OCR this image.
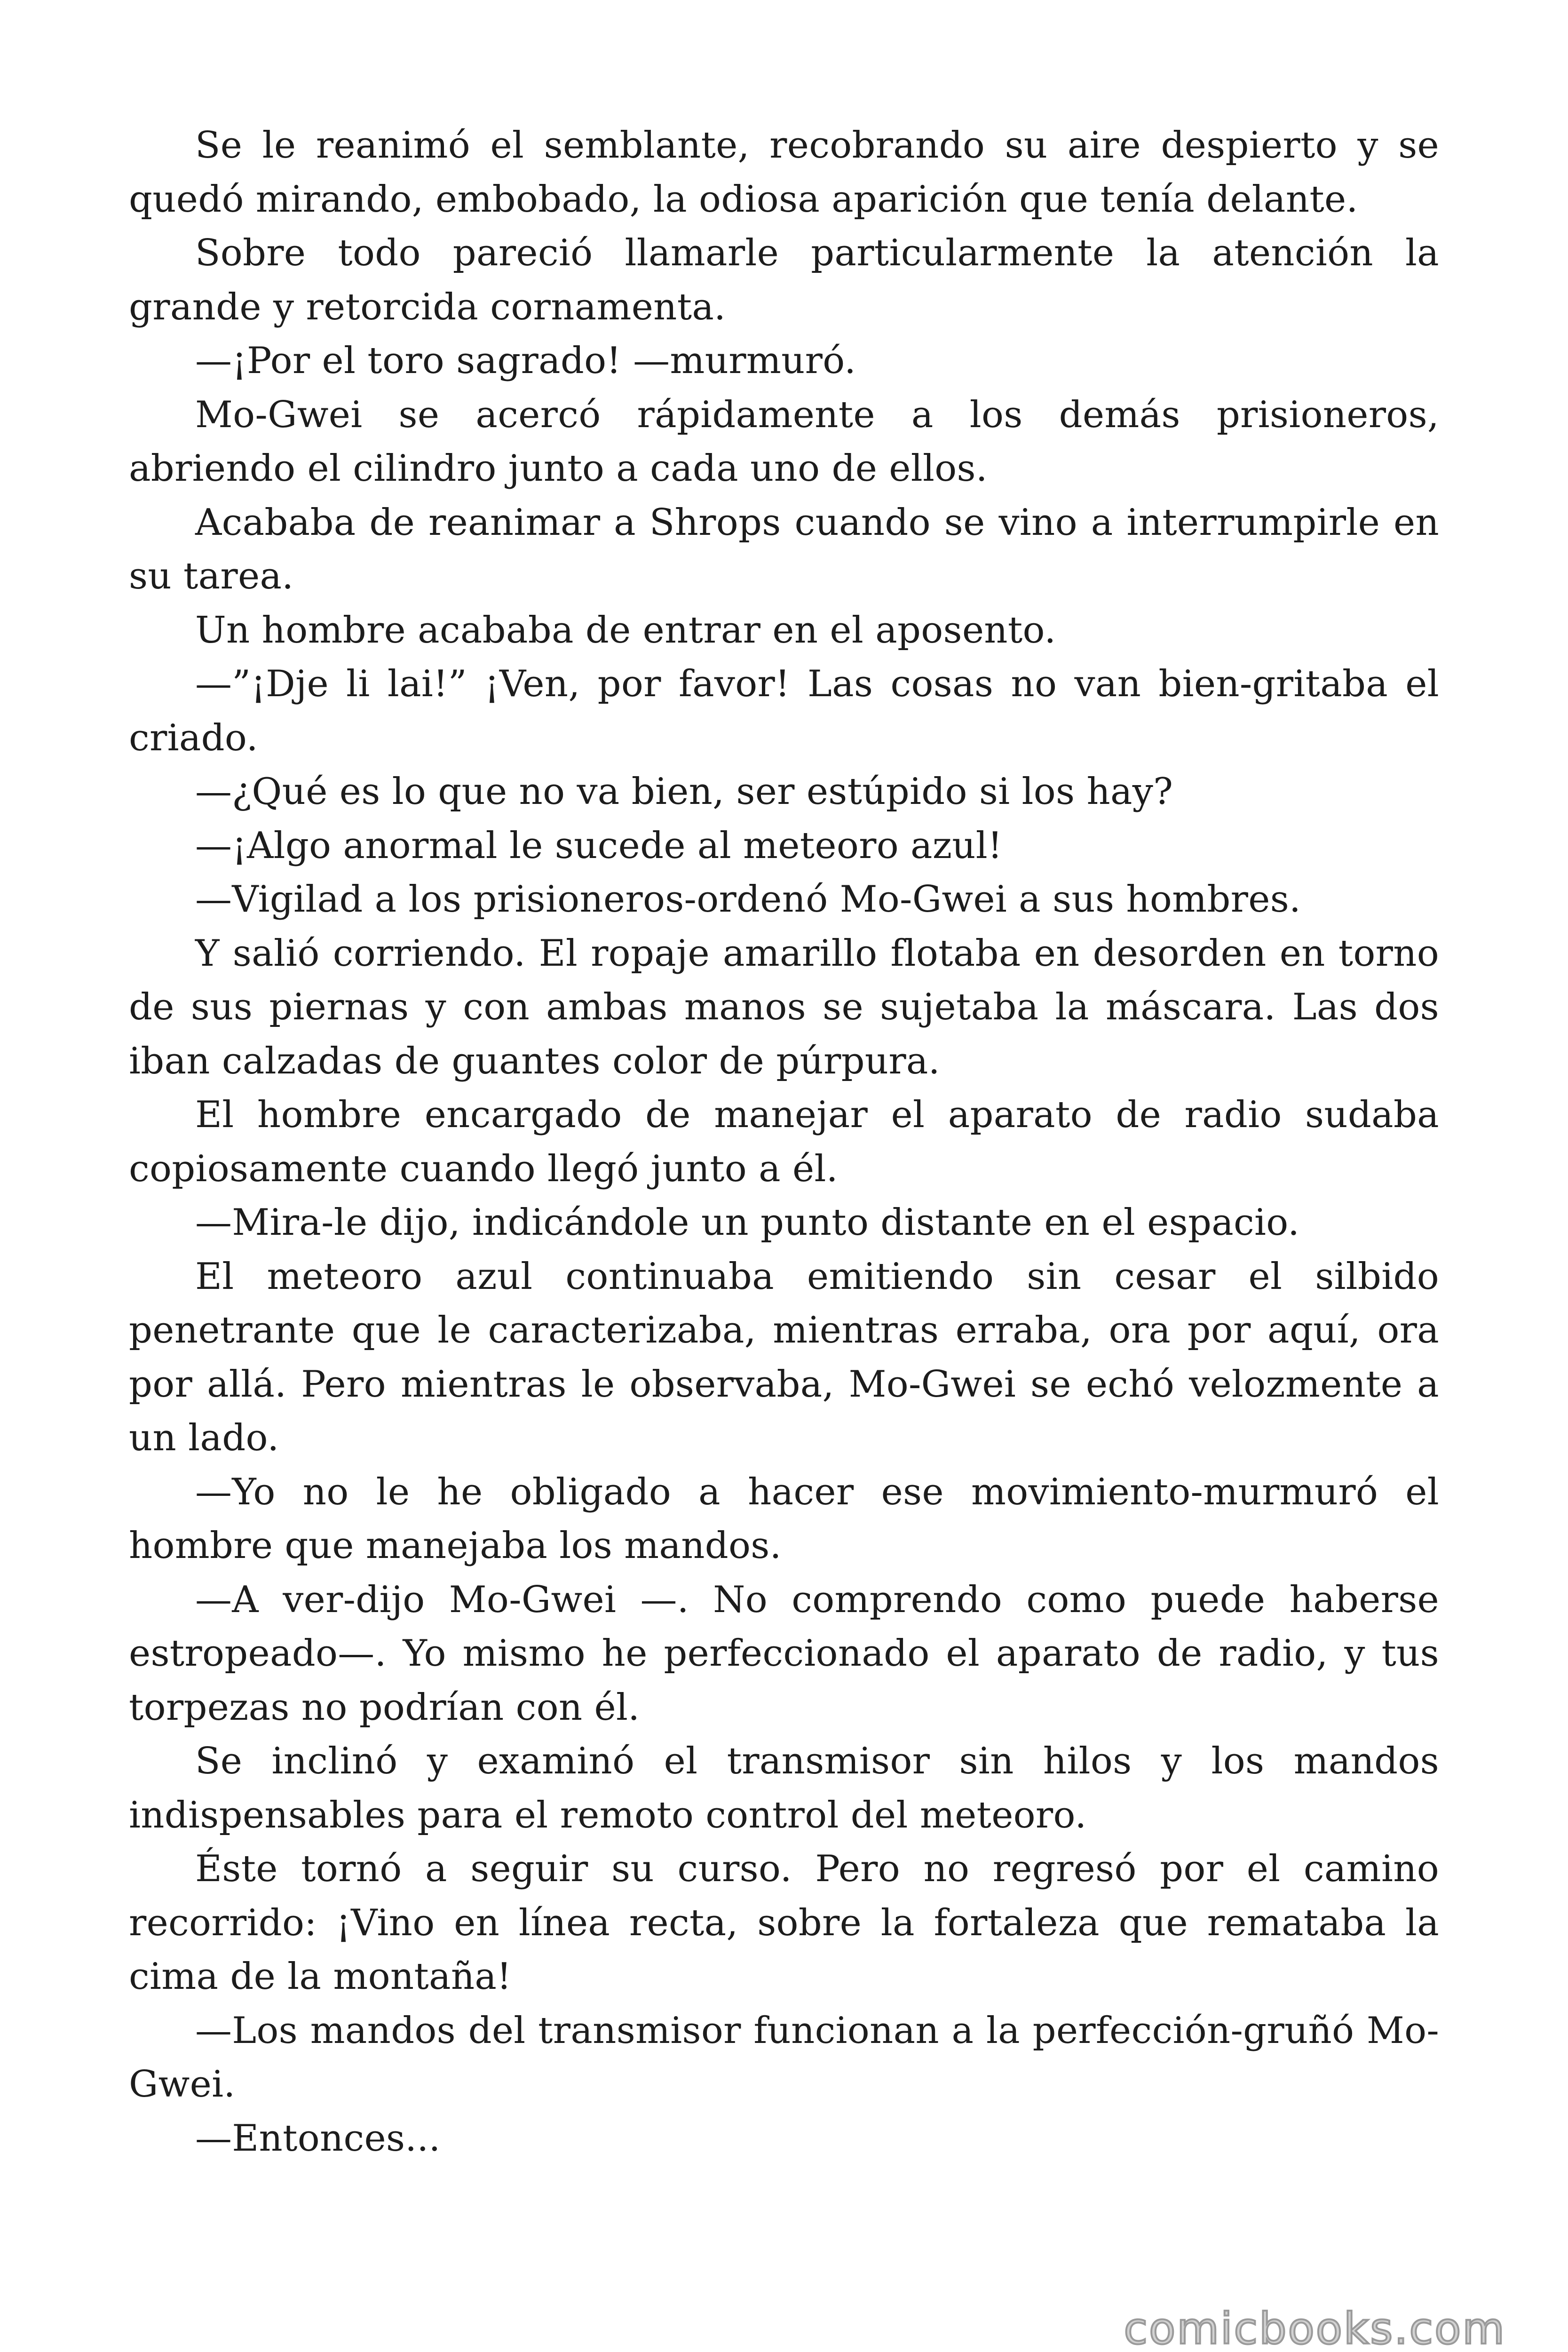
Se le reanimó el semblante, recobrando su aire despierto y se quedó mirando, embobado, la odiosa aparición que tenía delante.

Sobre todo pareció llamarle particularmente la atención la grande y retorcida cornamenta.

—¡Por el toro sagrado! —murmuró.

Mo-Gwei se acercó rápidamente a los demás prisioneros, abriendo el cilindro junto a cada uno de ellos.

Acababa de reanimar a Shrops cuando se vino a interrumpirle en su tarea.

Un hombre acababa de entrar en el aposento.

—”¡Dje li lai!” ¡Ven, por favor! Las cosas no van bien-gritaba el criado.

—¿Qué es lo que no va bien, ser estúpido si los hay?

—¡Algo anormal le sucede al meteoro azul!

—Vigilad a los prisioneros-ordenó Mo-Gwei a sus hombres.

Y salió corriendo. El ropaje amarillo flotaba en desorden en torno de sus piernas y con ambas manos se sujetaba la máscara. Las dos iban calzadas de guantes color de púrpura.

El hombre encargado de manejar el aparato de radio sudaba copiosamente cuando llegó junto a él.

—Mira-le dijo, indicándole un punto distante en el espacio.

El meteoro azul continuaba emitiendo sin cesar el silbido penetrante que le caracterizaba, mientras erraba, ora por aquí, ora por allá. Pero mientras le observaba, Mo-Gwei se echó velozmente a un lado.

—Yo no le he obligado a hacer ese movimiento-murmuró el hombre que manejaba los mandos.

—A ver-dijo Mo-Gwei —. No comprendo como puede haberse estropeado—. Yo mismo he perfeccionado el aparato de radio, y tus torpezas no podrían con él.

Se inclinó y examinó el transmisor sin hilos y los mandos indispensables para el remoto control del meteoro.

Éste tornó a seguir su curso. Pero no regresó por el camino recorrido: ¡Vino en línea recta, sobre la fortaleza que remataba la cima de la montaña!

—Los mandos del transmisor funcionan a la perfección-gruñó Mo-Gwei.

—Entonces...

comicbooks.com
